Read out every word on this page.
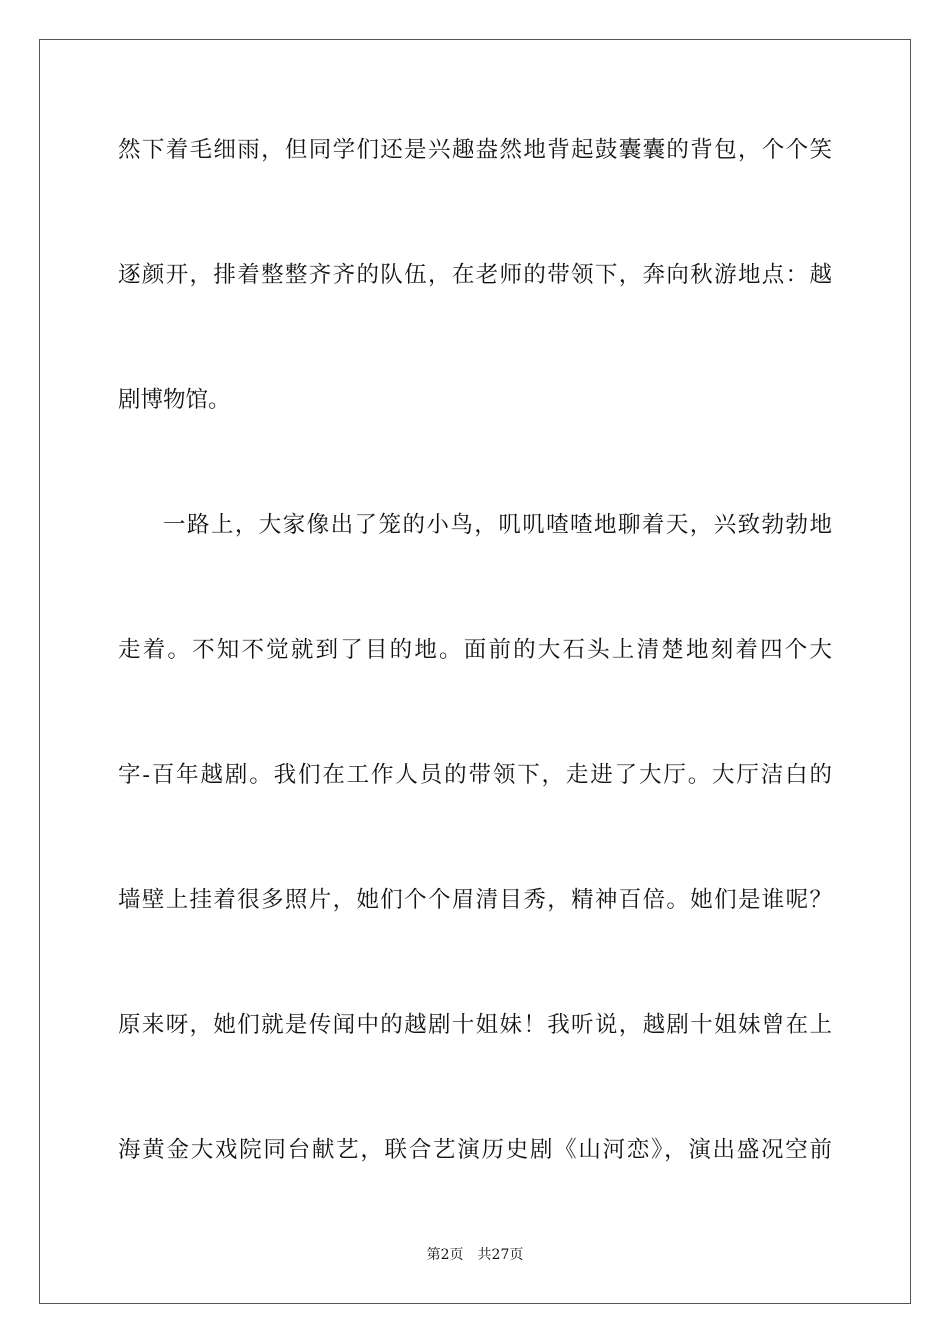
然下着毛细雨，但同学们还是兴趣盎然地背起鼓囊囊的背包，个个笑
逐颜开，排着整整齐齐的队伍，在老师的带领下，奔向秋游地点：越
剧博物馆。
一路上，大家像出了笼的小鸟，叽叽喳喳地聊着天，兴致勃勃地
走着。不知不觉就到了目的地。面前的大石头上清楚地刻着四个大
字-百年越剧。我们在工作人员的带领下，走进了大厅。大厅洁白的
墙壁上挂着很多照片，她们个个眉清目秀，精神百倍。她们是谁呢？
原来呀，她们就是传闻中的越剧十姐妹！我听说，越剧十姐妹曾在上
海黄金大戏院同台献艺，联合艺演历史剧《山河恋》，演出盛况空前
第2页 共27页
